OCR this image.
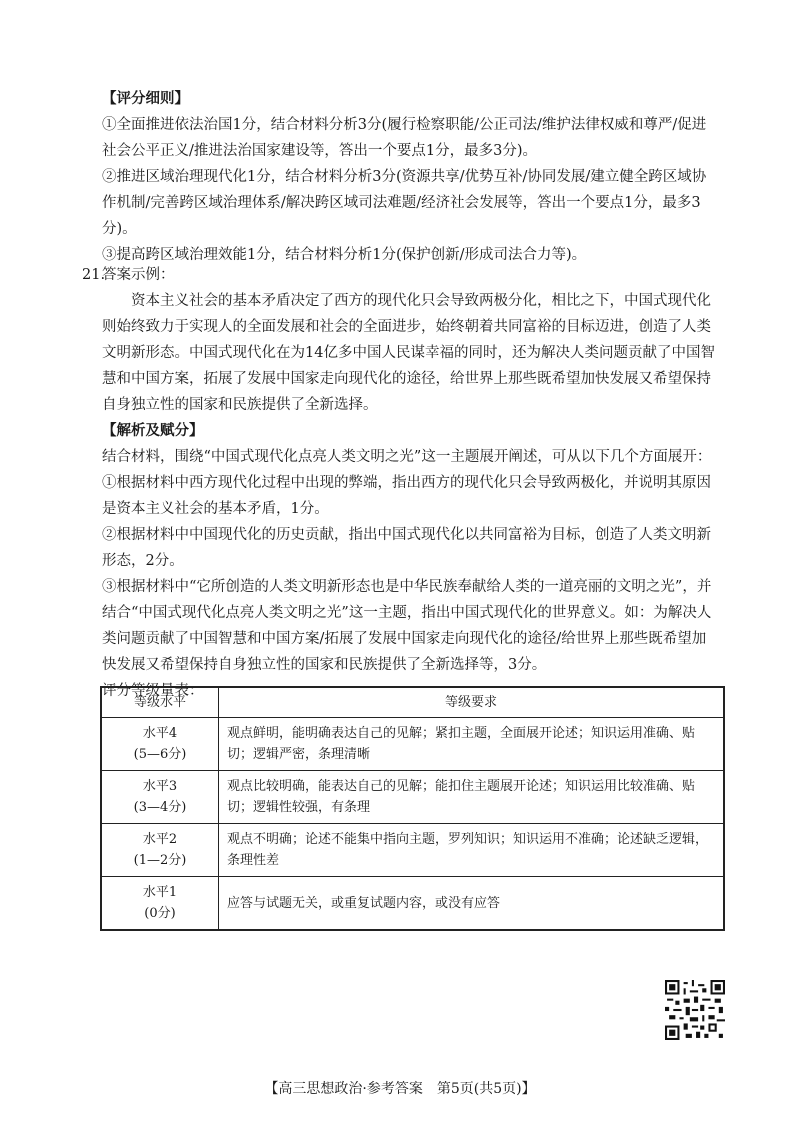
【评分细则】

①全面推进依法治国1分，结合材料分析3分(履行检察职能/公正司法/维护法律权威和尊严/促进社会公平正义/推进法治国家建设等，答出一个要点1分，最多3分)。

②推进区域治理现代化1分，结合材料分析3分(资源共享/优势互补/协同发展/建立健全跨区域协作机制/完善跨区域治理体系/解决跨区域司法难题/经济社会发展等，答出一个要点1分，最多3分)。

③提高跨区域治理效能1分，结合材料分析1分(保护创新/形成司法合力等)。

21.

答案示例：

资本主义社会的基本矛盾决定了西方的现代化只会导致两极分化，相比之下，中国式现代化则始终致力于实现人的全面发展和社会的全面进步，始终朝着共同富裕的目标迈进，创造了人类文明新形态。中国式现代化在为14亿多中国人民谋幸福的同时，还为解决人类问题贡献了中国智慧和中国方案，拓展了发展中国家走向现代化的途径，给世界上那些既希望加快发展又希望保持自身独立性的国家和民族提供了全新选择。

【解析及赋分】

结合材料，围绕“中国式现代化点亮人类文明之光”这一主题展开阐述，可从以下几个方面展开：

①根据材料中西方现代化过程中出现的弊端，指出西方的现代化只会导致两极化，并说明其原因是资本主义社会的基本矛盾，1分。

②根据材料中中国现代化的历史贡献，指出中国式现代化以共同富裕为目标，创造了人类文明新形态，2分。

③根据材料中“它所创造的人类文明新形态也是中华民族奉献给人类的一道亮丽的文明之光”，并结合“中国式现代化点亮人类文明之光”这一主题，指出中国式现代化的世界意义。如：为解决人类问题贡献了中国智慧和中国方案/拓展了发展中国家走向现代化的途径/给世界上那些既希望加快发展又希望保持自身独立性的国家和民族提供了全新选择等，3分。

评分等级量表：

等级水平	等级要求

水平4
(5—6分)	观点鲜明，能明确表达自己的见解；紧扣主题，全面展开论述；知识运用准确、贴切；逻辑严密，条理清晰

水平3
(3—4分)	观点比较明确，能表达自己的见解；能扣住主题展开论述；知识运用比较准确、贴切；逻辑性较强，有条理

水平2
(1—2分)	观点不明确；论述不能集中指向主题，罗列知识；知识运用不准确；论述缺乏逻辑，条理性差

水平1
(0分)	应答与试题无关，或重复试题内容，或没有应答
【高三思想政治·参考答案　第5页(共5页)】
